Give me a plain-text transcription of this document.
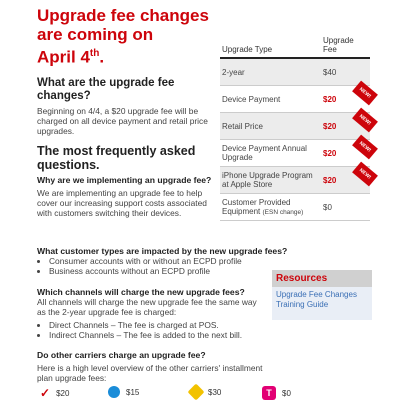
Upgrade fee changes
are coming on
April 4th.
What are the upgrade fee changes?

Beginning on 4/4, a $20 upgrade fee will be charged on all device payment and retail price upgrades.

The most frequently asked questions.
Why are we implementing an upgrade fee?

We are implementing an upgrade fee to help cover our increasing support costs associated with customers switching their devices.

Upgrade Type	Upgrade Fee
2-year	$40
Device Payment	$20 NEW!

Retail Price	$20 NEW!

Device Payment Annual Upgrade	$20 NEW!

iPhone Upgrade Program at Apple Store	$20 NEW!

Customer Provided Equipment (ESN change)	$0
What customer types are impacted by the new upgrade fees?
• Consumer accounts with or without an ECPD profile
• Business accounts without an ECPD profile
Which channels will charge the new upgrade fees?

All channels will charge the new upgrade fee the same way as the 2-year upgrade fee is charged:

• Direct Channels – The fee is charged at POS.
• Indirect Channels – The fee is added to the next bill.
Do other carriers charge an upgrade fee?

Here is a high level overview of the other carriers' installment plan upgrade fees:

Resources
Upgrade Fee Changes Training Guide
✓ $20	$15	$30	T	$0
